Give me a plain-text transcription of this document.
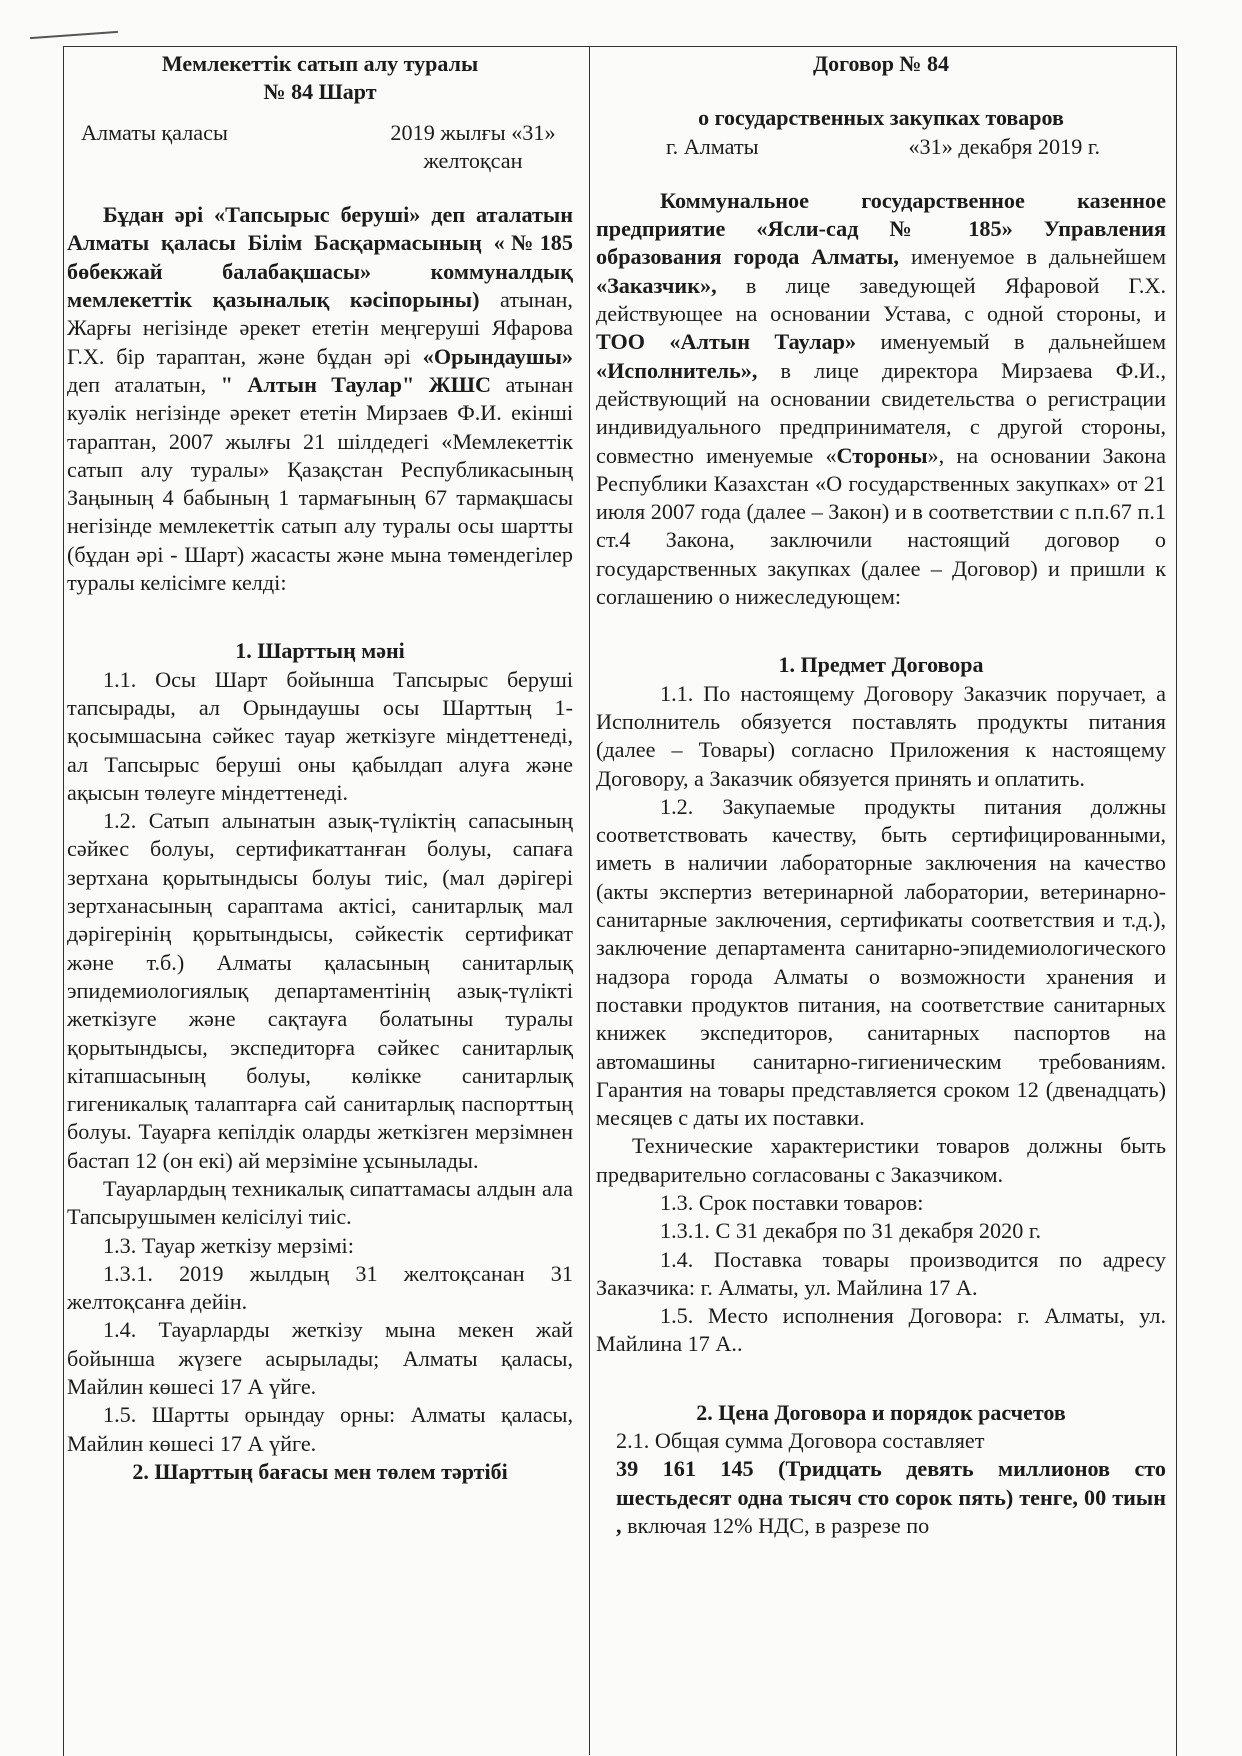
Мемлекеттік сатып алу туралы

№ 84 Шарт

Алматы қаласы	2019 жылғы «31»
желтоқсан

Бұдан әрі «Тапсырыс беруші» деп аталатын Алматы қаласы Білім Басқармасының «№185 бөбекжай балабақшасы» коммуналдық мемлекеттік қазыналық кәсіпорыны) атынан, Жарғы негізінде әрекет ететін меңгеруші Яфарова Г.Х. бір тараптан, және бұдан әрі «Орындаушы» деп аталатын, " Алтын Таулар" ЖШС атынан куәлік негізінде әрекет ететін Мирзаев Ф.И. екінші тараптан, 2007 жылғы 21 шілдедегі «Мемлекеттік сатып алу туралы» Қазақстан Республикасының Заңының 4 бабының 1 тармағының 67 тармақшасы негізінде мемлекеттік сатып алу туралы осы шартты (бұдан әрі - Шарт) жасасты және мына төмендегілер туралы келісімге келді:

1. Шарттың мәні

1.1. Осы Шарт бойынша Тапсырыс беруші тапсырады, ал Орындаушы осы Шарттың 1-қосымшасына сәйкес тауар жеткізуге міндеттенеді, ал Тапсырыс беруші оны қабылдап алуға және ақысын төлеуге міндеттенеді.

1.2. Сатып алынатын азық-түліктің сапасының сәйкес болуы, сертификаттанған болуы, сапаға зертхана қорытындысы болуы тиіс, (мал дәрігері зертханасының сараптама актісі, санитарлық мал дәрігерінің қорытындысы, сәйкестік сертификат және т.б.) Алматы қаласының санитарлық эпидемиологиялық департаментінің азық-түлікті жеткізуге және сақтауға болатыны туралы қорытындысы, экспедиторға сәйкес санитарлық кітапшасының болуы, көлікке санитарлық гигеникалық талаптарға сай санитарлық паспорттың болуы. Тауарға кепілдік оларды жеткізген мерзімнен бастап 12 (он екі) ай мерзіміне ұсынылады.

Тауарлардың техникалық сипаттамасы алдын ала Тапсырушымен келісілуі тиіс.

1.3. Тауар жеткізу мерзімі:

1.3.1. 2019 жылдың 31 желтоқсанан 31 желтоқсанға дейін.

1.4. Тауарларды жеткізу мына мекен жай бойынша жүзеге асырылады; Алматы қаласы, Майлин көшесі 17 А үйге.

1.5. Шартты орындау орны: Алматы қаласы, Майлин көшесі 17 А үйге.

2. Шарттың бағасы мен төлем тәртібі

Договор № 84

о государственных закупках товаров

г. Алматы	«31» декабря 2019 г.

Коммунальное государственное казенное предприятие «Ясли-сад № 185» Управления образования города Алматы, именуемое в дальнейшем «Заказчик», в лице заведующей Яфаровой Г.Х. действующее на основании Устава, с одной стороны, и ТОО «Алтын Таулар» именуемый в дальнейшем «Исполнитель», в лице директора Мирзаева Ф.И., действующий на основании свидетельства о регистрации индивидуального предпринимателя, с другой стороны, совместно именуемые «Стороны», на основании Закона Республики Казахстан «О государственных закупках» от 21 июля 2007 года (далее – Закон) и в соответствии с п.п.67 п.1 ст.4 Закона, заключили настоящий договор о государственных закупках (далее – Договор) и пришли к соглашению о нижеследующем:

1. Предмет Договора

1.1. По настоящему Договору Заказчик поручает, а Исполнитель обязуется поставлять продукты питания (далее – Товары) согласно Приложения к настоящему Договору, а Заказчик обязуется принять и оплатить.

1.2. Закупаемые продукты питания должны соответствовать качеству, быть сертифицированными, иметь в наличии лабораторные заключения на качество (акты экспертиз ветеринарной лаборатории, ветеринарно-санитарные заключения, сертификаты соответствия и т.д.), заключение департамента санитарно-эпидемиологического надзора города Алматы о возможности хранения и поставки продуктов питания, на соответствие санитарных книжек экспедиторов, санитарных паспортов на автомашины санитарно-гигиеническим требованиям. Гарантия на товары представляется сроком 12 (двенадцать) месяцев с даты их поставки.

Технические характеристики товаров должны быть предварительно согласованы с Заказчиком.

1.3. Срок поставки товаров:

1.3.1. С 31 декабря по 31 декабря 2020 г.

1.4. Поставка товары производится по адресу Заказчика: г. Алматы, ул. Майлина 17 А.

1.5. Место исполнения Договора: г. Алматы, ул. Майлина 17 А..

2. Цена Договора и порядок расчетов

2.1. Общая сумма Договора составляет

39 161 145 (Тридцать девять миллионов сто шестьдесят одна тысяч сто сорок пять) тенге, 00 тиын , включая 12% НДС, в разрезе по
